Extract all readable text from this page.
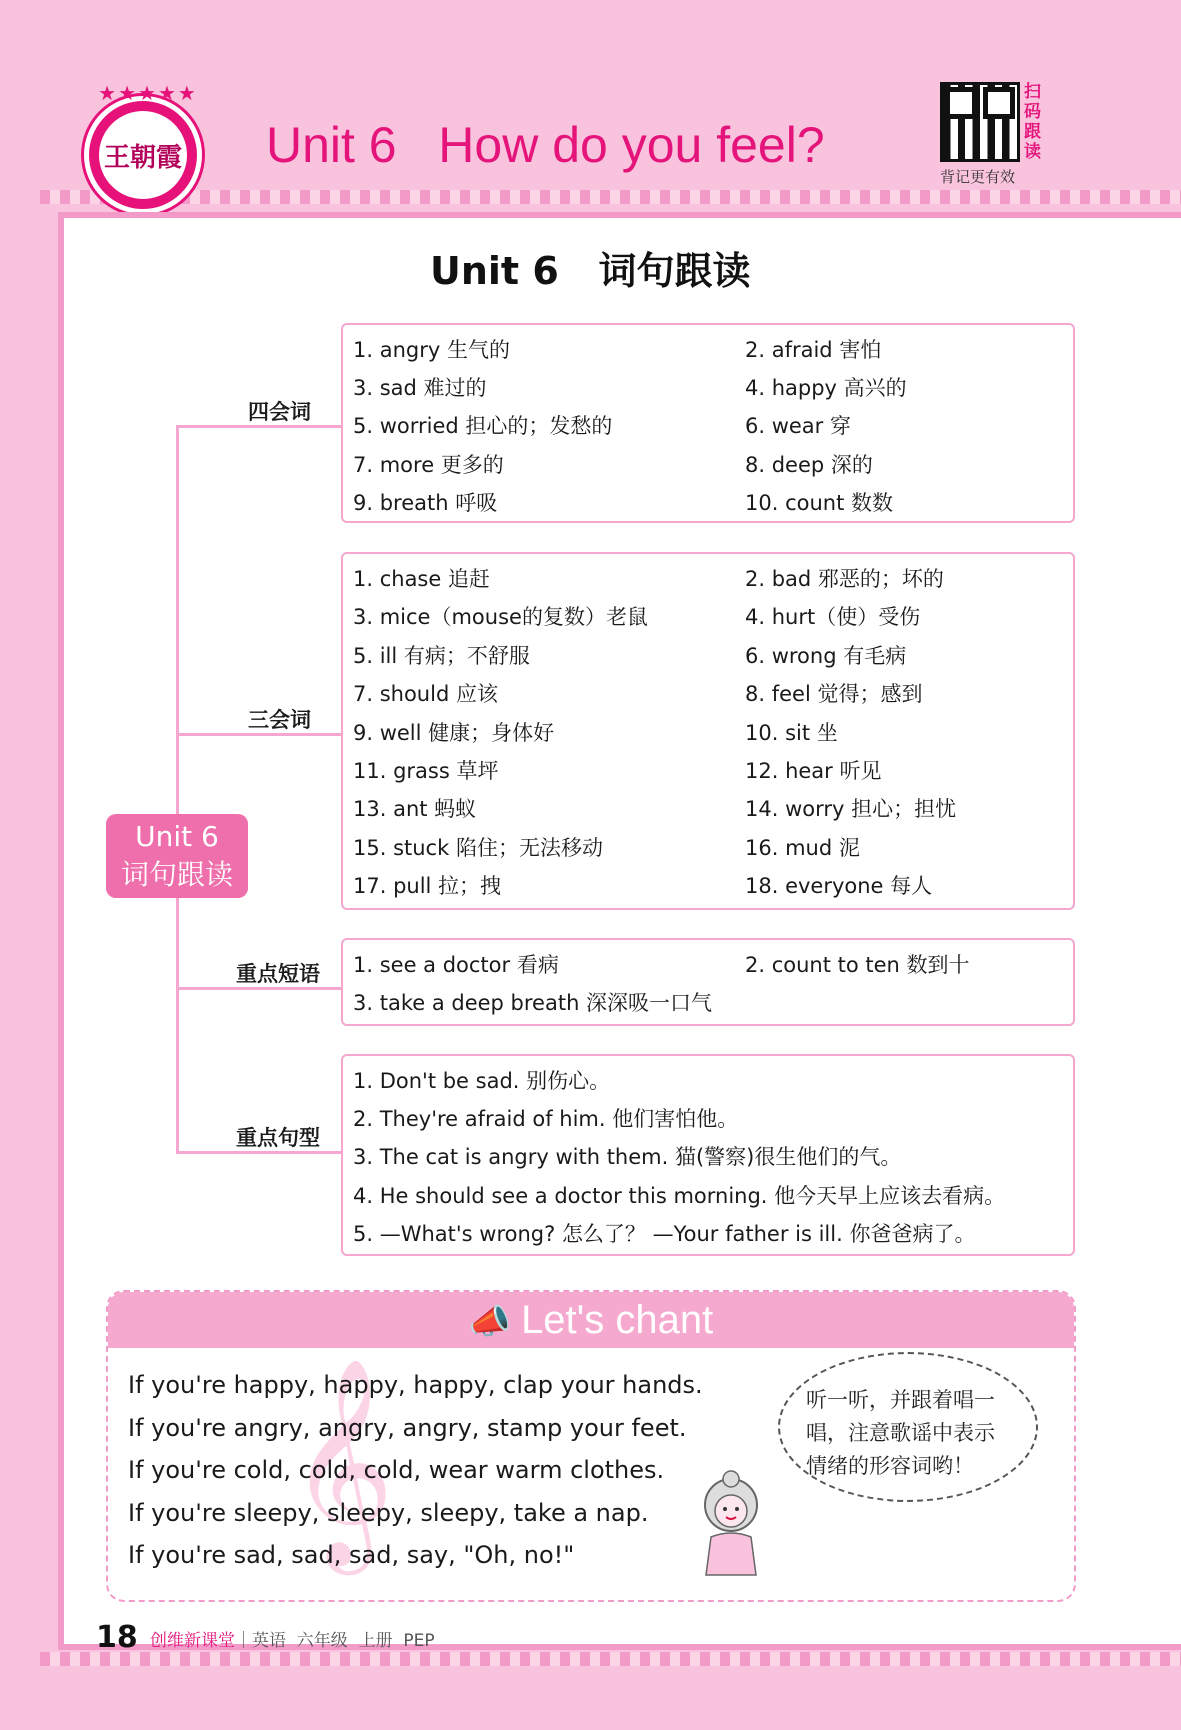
★★★★★
王朝霞 Unit 6   How do you feel?
扫码跟读
背记更有效
Unit 6   词句跟读
四会词
三会词
重点短语
重点句型
Unit 6
词句跟读
1. angry 生气的	2. afraid 害怕
3. sad 难过的	4. happy 高兴的
5. worried 担心的；发愁的	6. wear 穿
7. more 更多的	8. deep 深的
9. breath 呼吸	10. count 数数
1. chase 追赶	2. bad 邪恶的；坏的
3. mice（mouse的复数）老鼠	4. hurt（使）受伤
5. ill 有病；不舒服	6. wrong 有毛病
7. should 应该	8. feel 觉得；感到
9. well 健康；身体好	10. sit 坐
11. grass 草坪	12. hear 听见
13. ant 蚂蚁	14. worry 担心；担忧
15. stuck 陷住；无法移动	16. mud 泥
17. pull 拉；拽	18. everyone 每人
1. see a doctor 看病	2. count to ten 数到十
3. take a deep breath 深深吸一口气
1. Don't be sad. 别伤心。
2. They're afraid of him. 他们害怕他。
3. The cat is angry with them. 猫(警察)很生他们的气。
4. He should see a doctor this morning. 他今天早上应该去看病。
5. —What's wrong? 怎么了？ —Your father is ill. 你爸爸病了。
📣 Let's chant
𝄞
If you're happy, happy, happy, clap your hands.
If you're angry, angry, angry, stamp your feet.
If you're cold, cold, cold, wear warm clothes.
If you're sleepy, sleepy, sleepy, take a nap.
If you're sad, sad, sad, say, "Oh, no!"
听一听，并跟着唱一唱，注意歌谣中表示情绪的形容词哟！
18 创维新课堂｜英语  六年级  上册  PEP
